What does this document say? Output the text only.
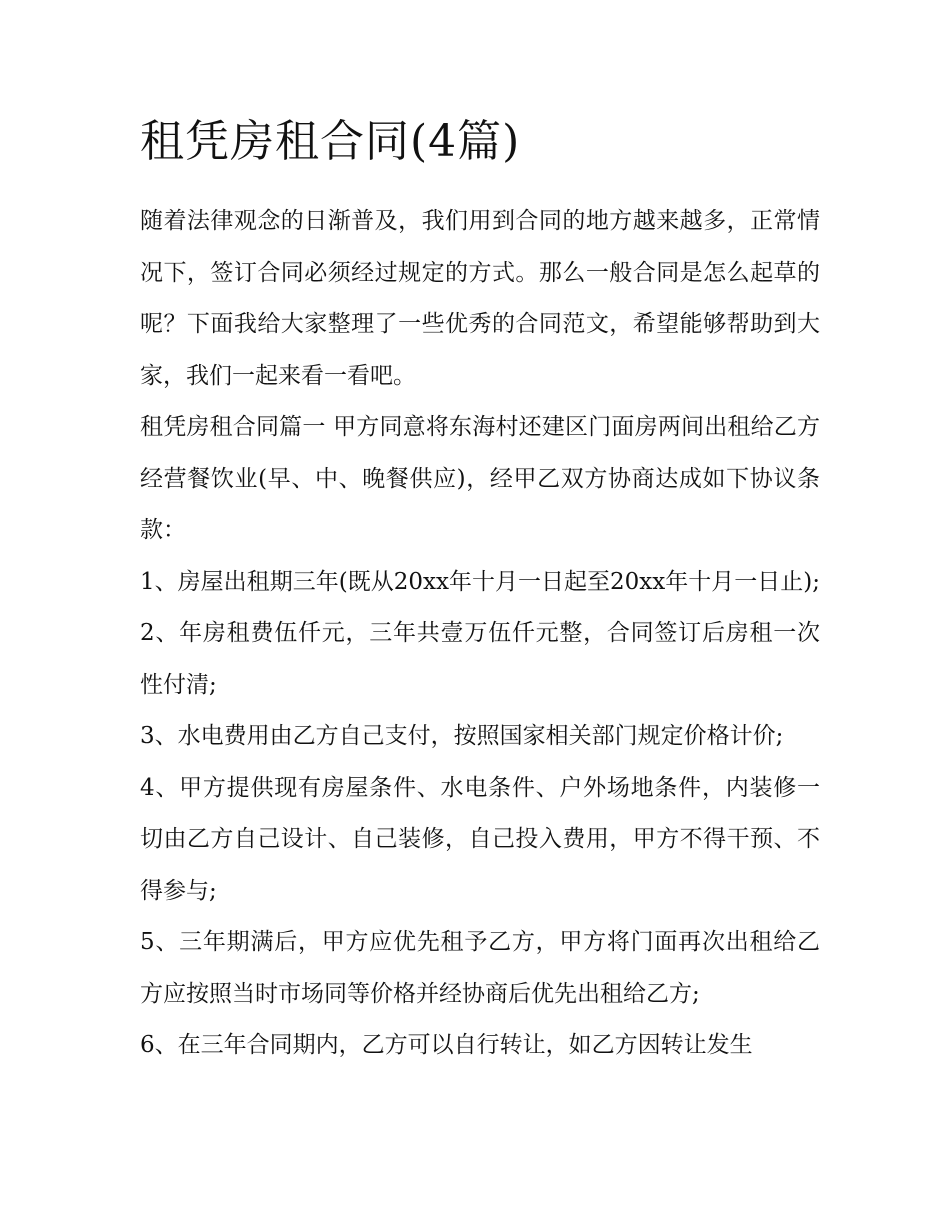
租凭房租合同(4篇)

随着法律观念的日渐普及，我们用到合同的地方越来越多，正常情况下，签订合同必须经过规定的方式。那么一般合同是怎么起草的呢？下面我给大家整理了一些优秀的合同范文，希望能够帮助到大家，我们一起来看一看吧。

租凭房租合同篇一 甲方同意将东海村还建区门面房两间出租给乙方经营餐饮业(早、中、晚餐供应)，经甲乙双方协商达成如下协议条款：

1、房屋出租期三年(既从20xx年十月一日起至20xx年十月一日止); 2、年房租费伍仟元，三年共壹万伍仟元整，合同签订后房租一次性付清;

3、水电费用由乙方自己支付，按照国家相关部门规定价格计价;

4、甲方提供现有房屋条件、水电条件、户外场地条件，内装修一切由乙方自己设计、自己装修，自己投入费用，甲方不得干预、不得参与;

5、三年期满后，甲方应优先租予乙方，甲方将门面再次出租给乙方应按照当时市场同等价格并经协商后优先出租给乙方;

6、在三年合同期内，乙方可以自行转让，如乙方因转让发生
